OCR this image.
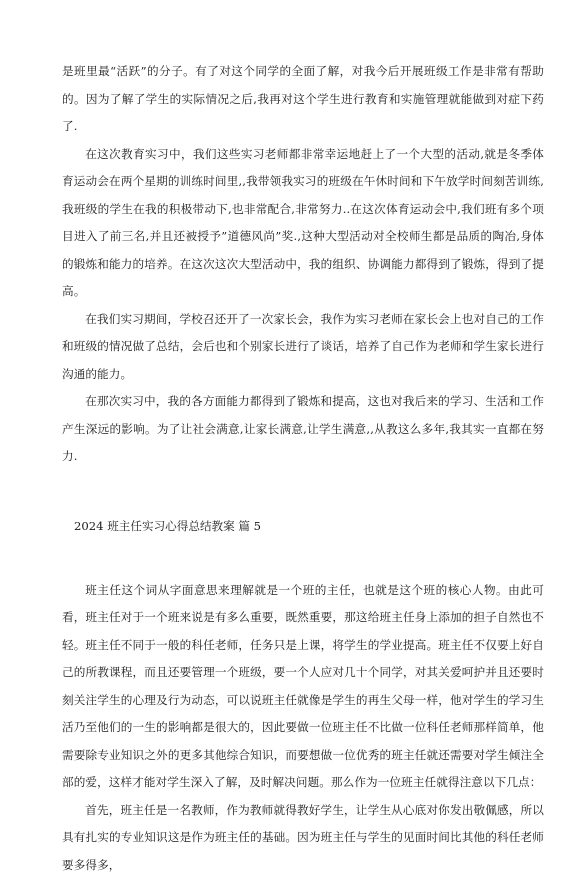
是班里最“活跃”的分子。有了对这个同学的全面了解，对我今后开展班级工作是非常有帮助的。因为了解了学生的实际情况之后,我再对这个学生进行教育和实施管理就能做到对症下药了.

在这次教育实习中，我们这些实习老师都非常幸运地赶上了一个大型的活动,就是冬季体育运动会在两个星期的训练时间里,,我带领我实习的班级在午休时间和下午放学时间刻苦训练,我班级的学生在我的积极带动下,也非常配合,非常努力..在这次体育运动会中,我们班有多个项目进入了前三名,并且还被授予”道德风尚”奖.,这种大型活动对全校师生都是品质的陶冶,身体的锻炼和能力的培养。在这次这次大型活动中，我的组织、协调能力都得到了锻炼，得到了提高。

在我们实习期间，学校召还开了一次家长会，我作为实习老师在家长会上也对自己的工作和班级的情况做了总结，会后也和个别家长进行了谈话，培养了自己作为老师和学生家长进行沟通的能力。

在那次实习中，我的各方面能力都得到了锻炼和提高，这也对我后来的学习、生活和工作产生深远的影响。为了让社会满意,让家长满意,让学生满意,,从教这么多年,我其实一直都在努力.

2024 班主任实习心得总结教案 篇 5

班主任这个词从字面意思来理解就是一个班的主任，也就是这个班的核心人物。由此可看，班主任对于一个班来说是有多么重要，既然重要，那这给班主任身上添加的担子自然也不轻。班主任不同于一般的科任老师，任务只是上课，将学生的学业提高。班主任不仅要上好自己的所教课程，而且还要管理一个班级，要一个人应对几十个同学，对其关爱呵护并且还要时刻关注学生的心理及行为动态，可以说班主任就像是学生的再生父母一样，他对学生的学习生活乃至他们的一生的影响都是很大的，因此要做一位班主任不比做一位科任老师那样简单，他需要除专业知识之外的更多其他综合知识，而要想做一位优秀的班主任就还需要对学生倾注全部的爱，这样才能对学生深入了解，及时解决问题。那么作为一位班主任就得注意以下几点：

首先，班主任是一名教师，作为教师就得教好学生，让学生从心底对你发出敬佩感，所以具有扎实的专业知识这是作为班主任的基础。因为班主任与学生的见面时间比其他的科任老师要多得多，
